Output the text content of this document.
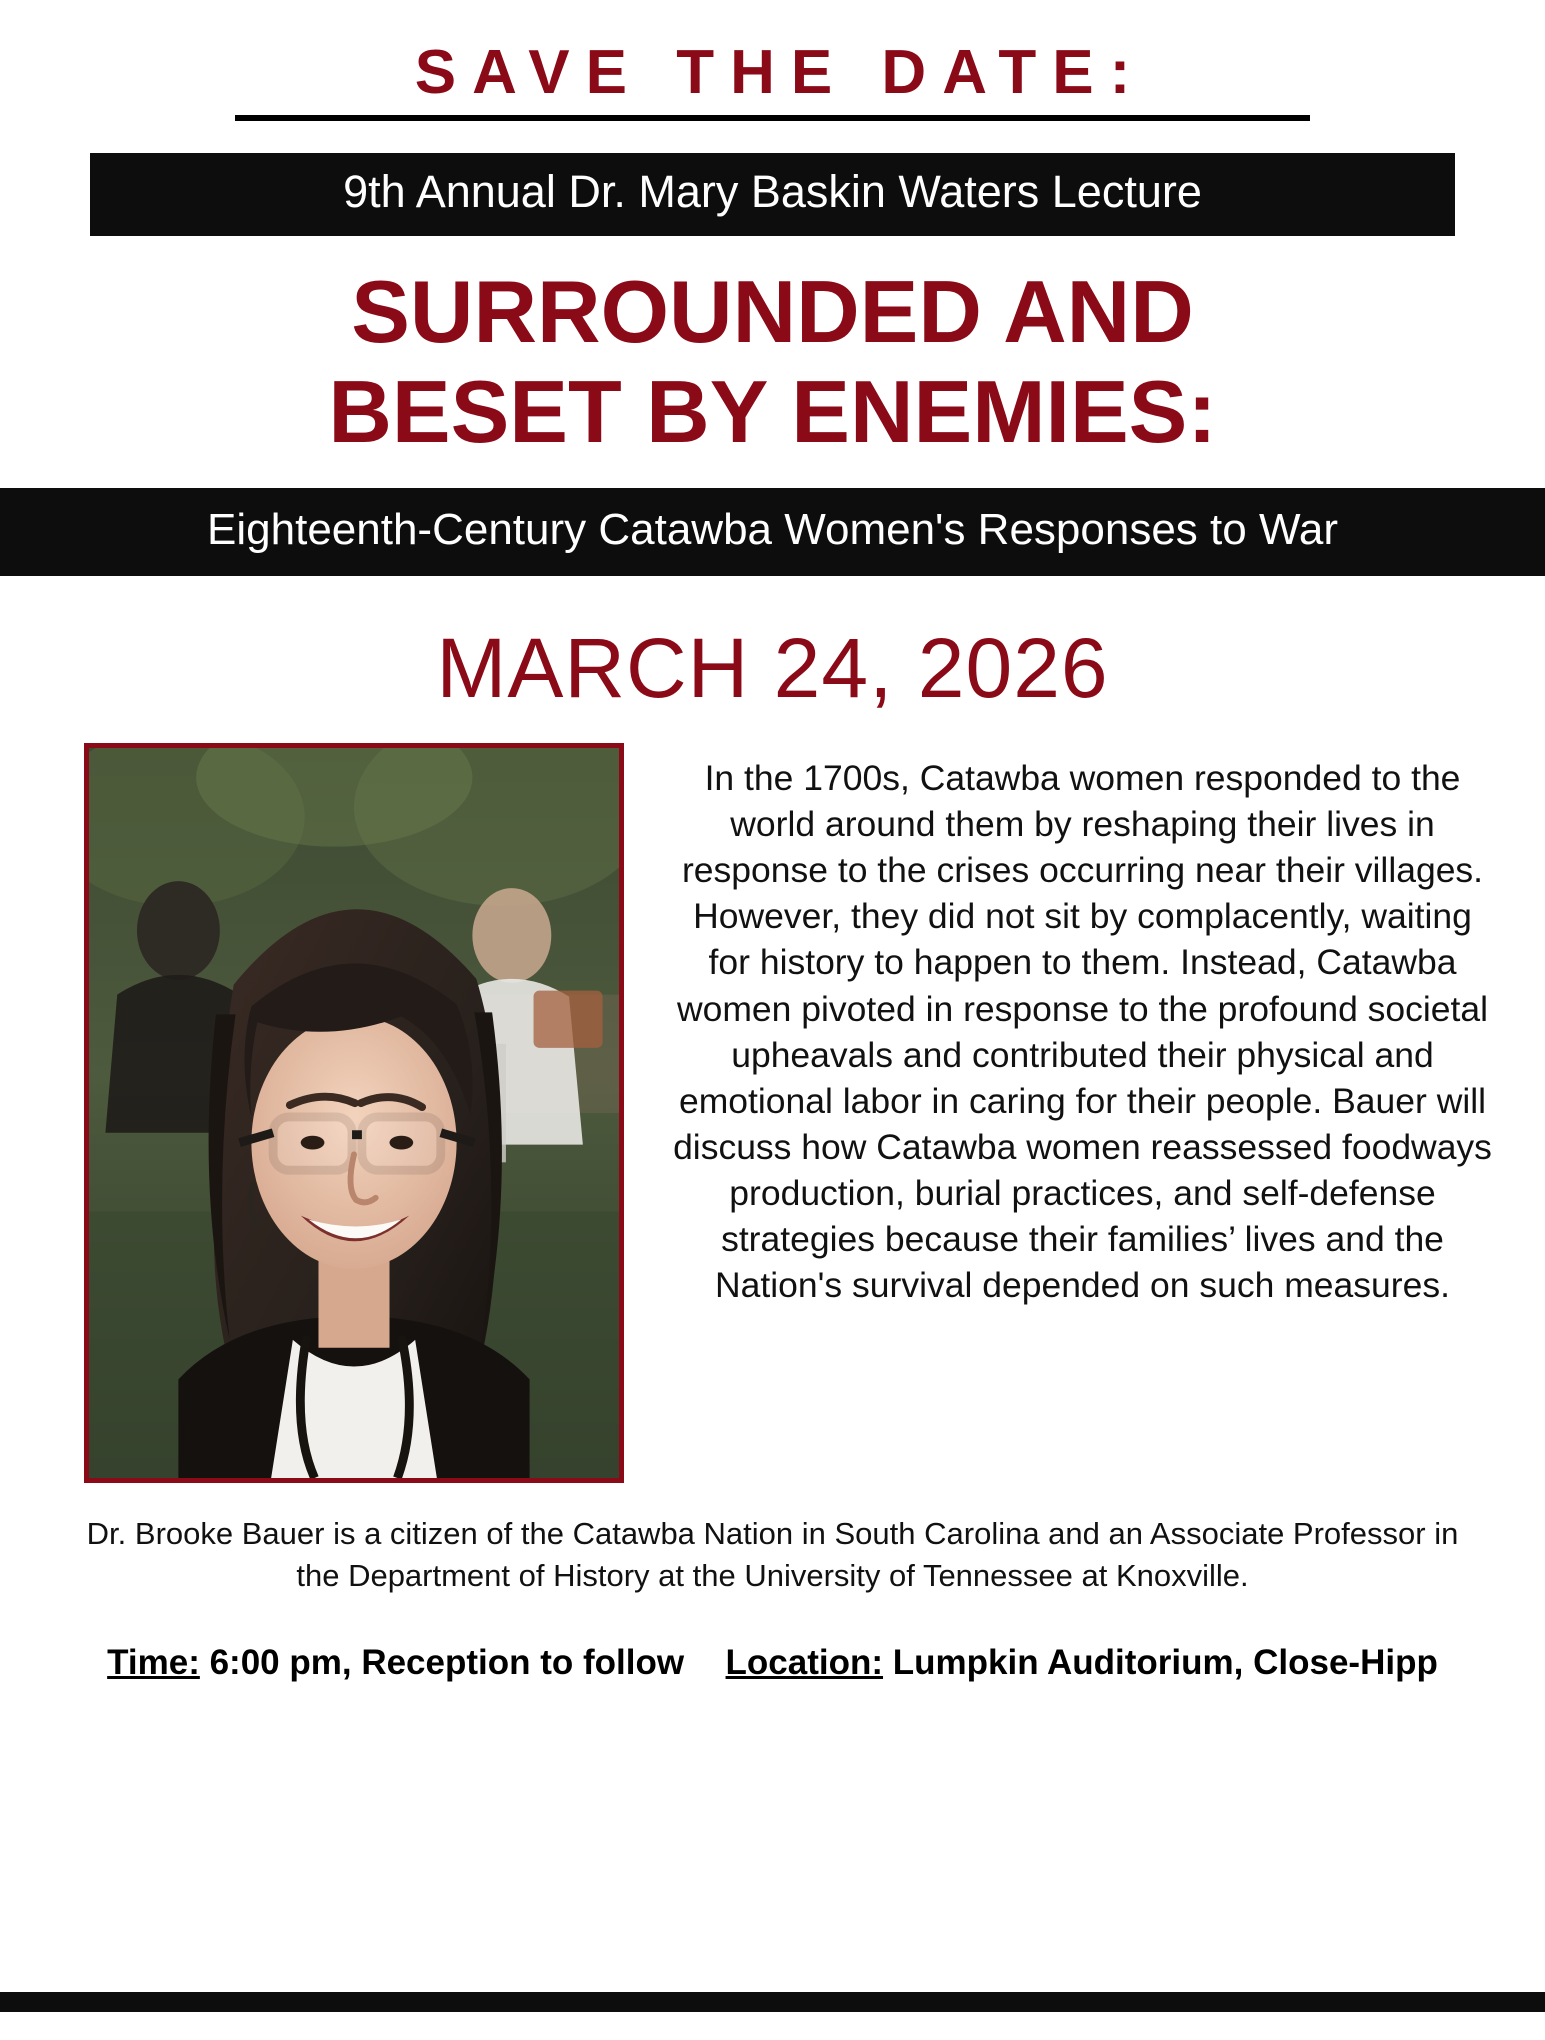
SAVE THE DATE:
9th Annual Dr. Mary Baskin Waters Lecture
SURROUNDED AND
BESET BY ENEMIES:
Eighteenth-Century Catawba Women's Responses to War
MARCH 24, 2026
In the 1700s, Catawba women responded to the world around them by reshaping their lives in response to the crises occurring near their villages. However, they did not sit by complacently, waiting for history to happen to them. Instead, Catawba women pivoted in response to the profound societal upheavals and contributed their physical and emotional labor in caring for their people. Bauer will discuss how Catawba women reassessed foodways production, burial practices, and self-defense strategies because their families’ lives and the Nation's survival depended on such measures.
Dr. Brooke Bauer is a citizen of the Catawba Nation in South Carolina and an Associate Professor in the Department of History at the University of Tennessee at Knoxville.
Time: 6:00 pm, Reception to follow Location: Lumpkin Auditorium, Close-Hipp
